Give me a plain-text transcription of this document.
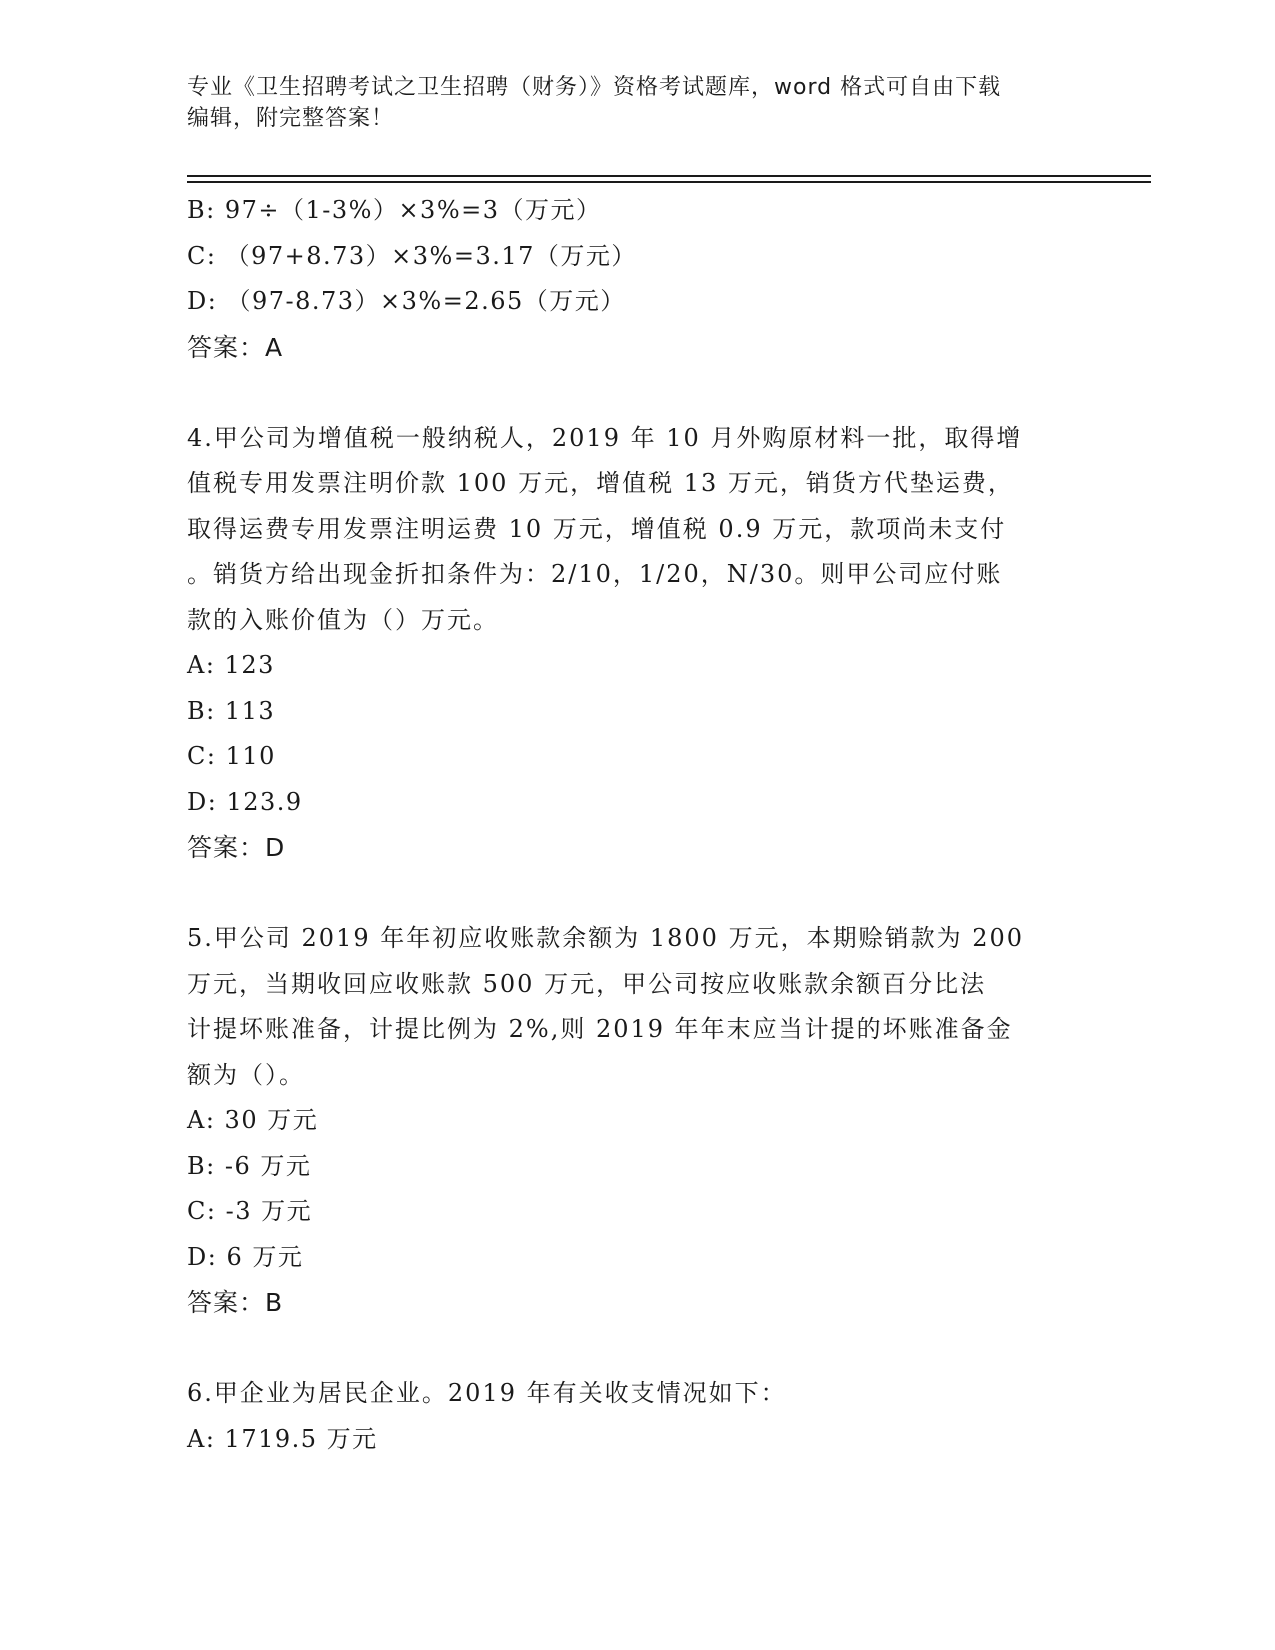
专业《卫生招聘考试之卫生招聘（财务）》资格考试题库，word 格式可自由下载
编辑，附完整答案！
B: 97÷（1-3%）×3%=3（万元）
C: （97+8.73）×3%=3.17（万元）
D: （97-8.73）×3%=2.65（万元）
答案：A
4.甲公司为增值税一般纳税人，2019 年 10 月外购原材料一批，取得增
值税专用发票注明价款 100 万元，增值税 13 万元，销货方代垫运费，
取得运费专用发票注明运费 10 万元，增值税 0.9 万元，款项尚未支付
。销货方给出现金折扣条件为：2/10，1/20，N/30。则甲公司应付账
款的入账价值为（）万元。
A: 123
B: 113
C: 110
D: 123.9
答案：D
5.甲公司 2019 年年初应收账款余额为 1800 万元，本期赊销款为 200
万元，当期收回应收账款 500 万元，甲公司按应收账款余额百分比法
计提坏账准备，计提比例为 2%,则 2019 年年末应当计提的坏账准备金
额为（）。
A: 30 万元
B: -6 万元
C: -3 万元
D: 6 万元
答案：B
6.甲企业为居民企业。2019 年有关收支情况如下：
A: 1719.5 万元
